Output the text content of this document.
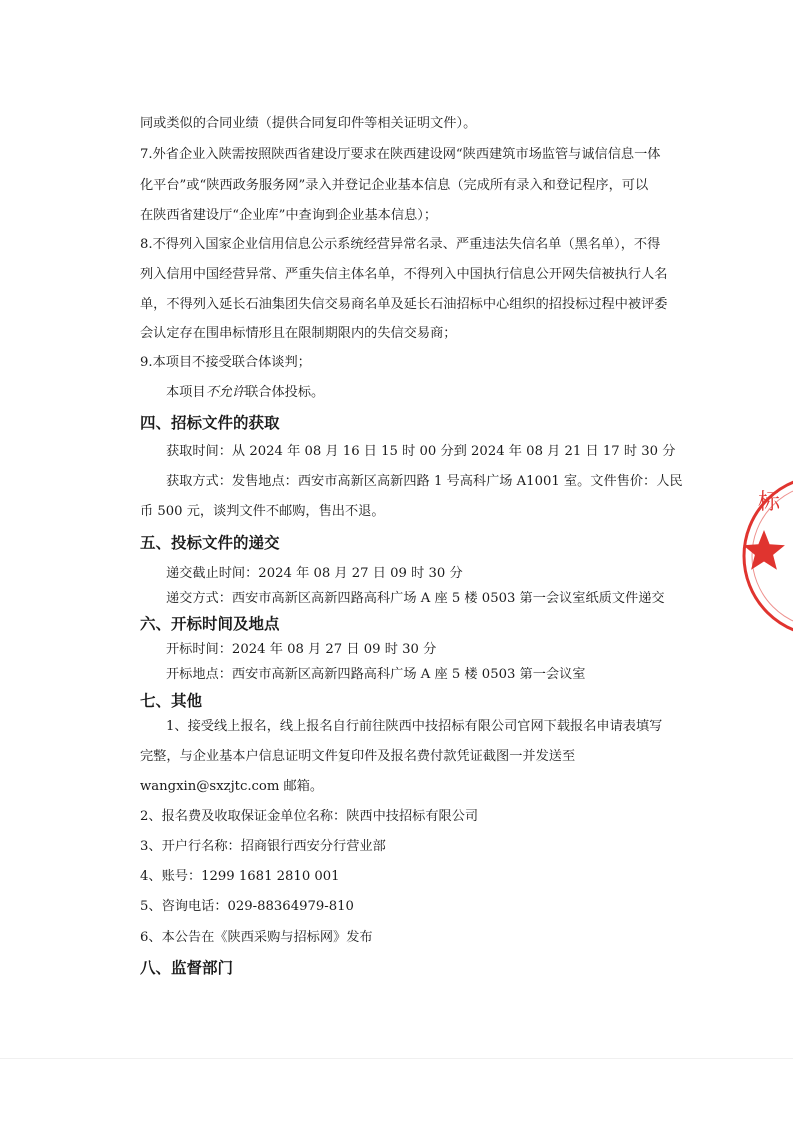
同或类似的合同业绩（提供合同复印件等相关证明文件）。
7.外省企业入陕需按照陕西省建设厅要求在陕西建设网“陕西建筑市场监管与诚信信息一体
化平台”或“陕西政务服务网”录入并登记企业基本信息（完成所有录入和登记程序，可以
在陕西省建设厅“企业库”中查询到企业基本信息）；
8.不得列入国家企业信用信息公示系统经营异常名录、严重违法失信名单（黑名单），不得
列入信用中国经营异常、严重失信主体名单，不得列入中国执行信息公开网失信被执行人名
单，不得列入延长石油集团失信交易商名单及延长石油招标中心组织的招投标过程中被评委
会认定存在围串标情形且在限制期限内的失信交易商；
9.本项目不接受联合体谈判；
本项目不允许联合体投标。
四、招标文件的获取
获取时间：从 2024 年 08 月 16 日 15 时 00 分到 2024 年 08 月 21 日 17 时 30 分
获取方式：发售地点：西安市高新区高新四路 1 号高科广场 A1001 室。文件售价：人民
币 500 元，谈判文件不邮购，售出不退。
五、投标文件的递交
递交截止时间：2024 年 08 月 27 日 09 时 30 分
递交方式：西安市高新区高新四路高科广场 A 座 5 楼 0503 第一会议室纸质文件递交
六、开标时间及地点
开标时间：2024 年 08 月 27 日 09 时 30 分
开标地点：西安市高新区高新四路高科广场 A 座 5 楼 0503 第一会议室
七、其他
1、接受线上报名，线上报名自行前往陕西中技招标有限公司官网下载报名申请表填写
完整，与企业基本户信息证明文件复印件及报名费付款凭证截图一并发送至
wangxin@sxzjtc.com 邮箱。
2、报名费及收取保证金单位名称：陕西中技招标有限公司
3、开户行名称：招商银行西安分行营业部
4、账号：1299 1681 2810 001
5、咨询电话：029-88364979-810
6、本公告在《陕西采购与招标网》发布
八、监督部门
标
